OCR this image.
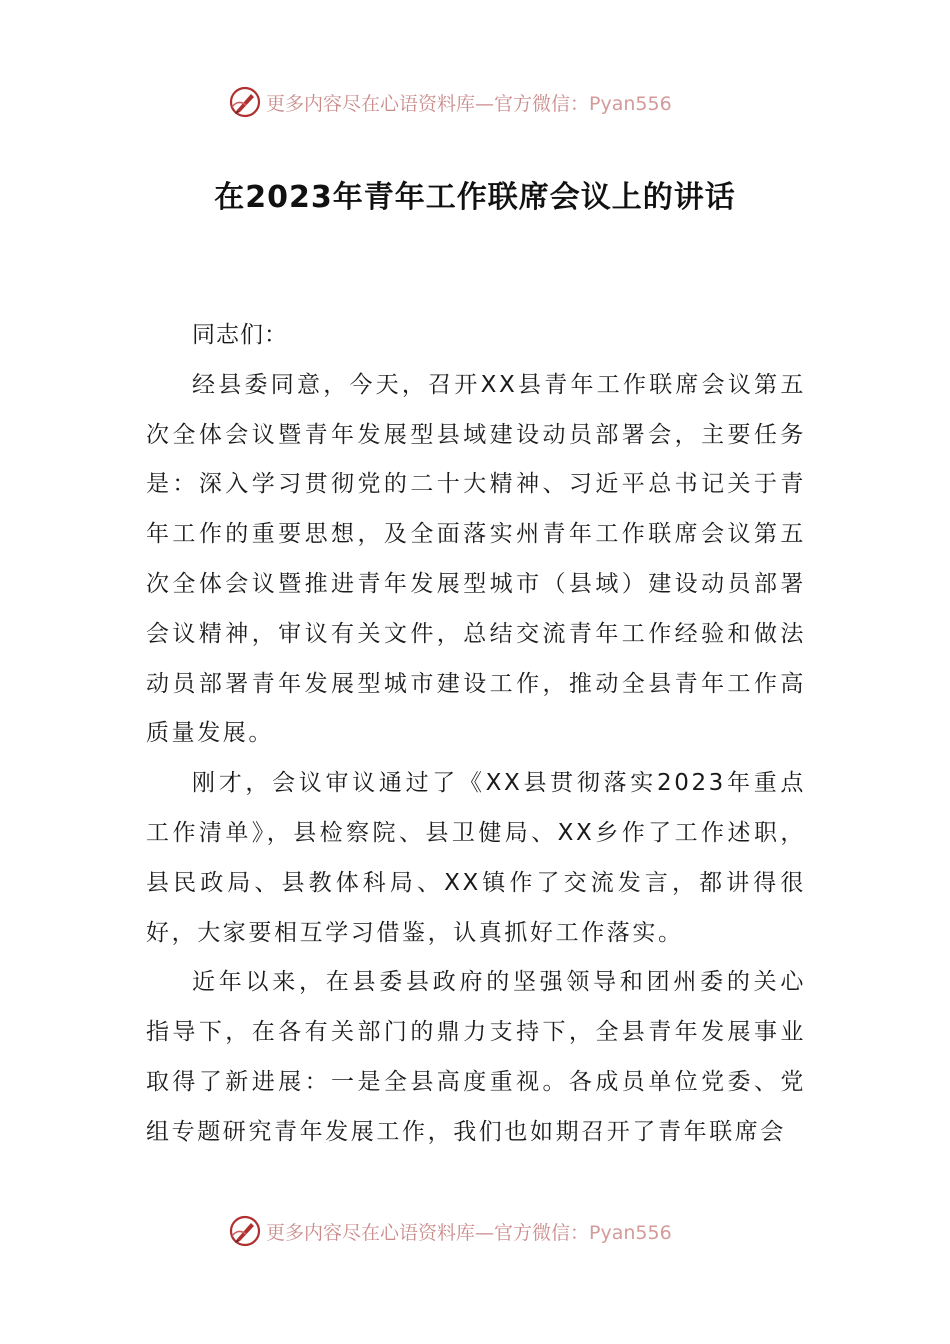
更多内容尽在心语资料库—官方微信：Pyan556
在2023年青年工作联席会议上的讲话

同志们：

经县委同意，今天，召开XX县青年工作联席会议第五次全体会议暨青年发展型县域建设动员部署会，主要任务是：深入学习贯彻党的二十大精神、习近平总书记关于青年工作的重要思想，及全面落实州青年工作联席会议第五次全体会议暨推进青年发展型城市（县域）建设动员部署会议精神，审议有关文件，总结交流青年工作经验和做法动员部署青年发展型城市建设工作，推动全县青年工作高质量发展。

刚才，会议审议通过了《XX县贯彻落实2023年重点工作清单》，县检察院、县卫健局、XX乡作了工作述职，县民政局、县教体科局、XX镇作了交流发言，都讲得很好，大家要相互学习借鉴，认真抓好工作落实。

近年以来，在县委县政府的坚强领导和团州委的关心指导下，在各有关部门的鼎力支持下，全县青年发展事业取得了新进展：一是全县高度重视。各成员单位党委、党组专题研究青年发展工作，我们也如期召开了青年联席会

更多内容尽在心语资料库—官方微信：Pyan556
